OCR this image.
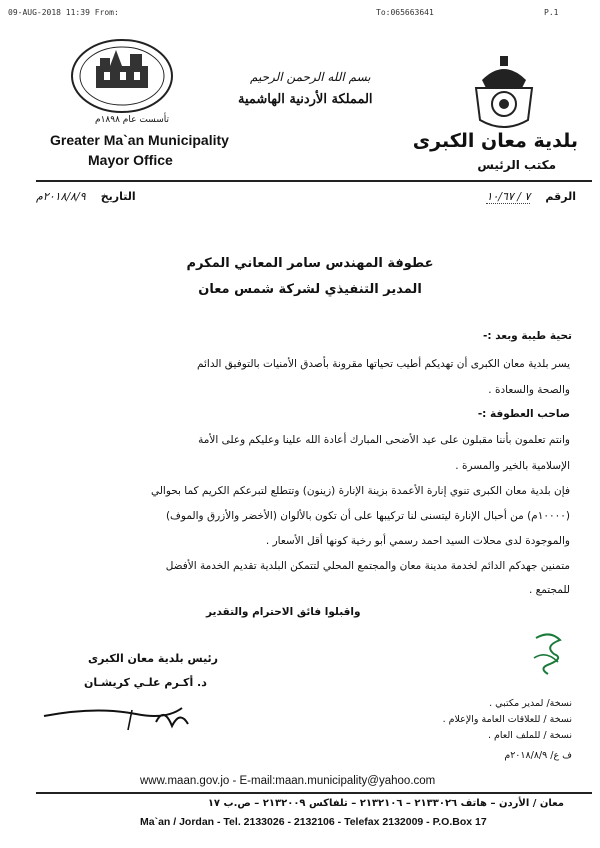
09-AUG-2018 11:39 From:	To:065663641	P.1
تأسست عام ١٨٩٨م
Greater Ma`an Municipality
Mayor Office
بسم الله الرحمن الرحيم
المملكة الأردنية الهاشمية
بلدية معان الكبرى
مكتب الرئيس
التاريخ  ٢٠١٨/٨/٩م	الرقم  ٧ / ١٠/٦٧
عطوفة المهندس سامر المعاني المكرم
المدير التنفيذي لشركة شمس معان
تحية طيبة وبعد :-
يسر بلدية معان الكبرى أن تهديكم أطيب تحياتها مقرونة بأصدق الأمنيات بالتوفيق الدائم
والصحة والسعادة .
صاحب العطوفة :-
وانتم تعلمون بأننا مقبلون على عيد الأضحى المبارك أعادة الله علينا وعليكم وعلى الأمة
الإسلامية بالخير والمسرة .
فإن بلدية معان الكبرى تنوي إنارة الأعمدة بزينة الإنارة (زينون) وتتطلع لتبرعكم الكريم كما بحوالي
(١٠٠٠٠م) من أحبال الإنارة ليتسنى لنا تركيبها على أن تكون بالألوان (الأخضر والأزرق والموف)
والموجودة لدى محلات السيد احمد رسمي أبو رخية كونها أقل الأسعار .
متمنين جهدكم الدائم لخدمة مدينة معان والمجتمع المحلي لتتمكن البلدية تقديم الخدمة الأفضل
للمجتمع .
واقبلوا فائق الاحترام والتقدير
رئيس بلدية معان الكبرى
د. أكـرم علـي كريشـان
نسخة/ لمدير مكتبي .
نسخة / للعلاقات العامة والإعلام .
نسخة / للملف العام .
ف ع/ ٢٠١٨/٨/٩م
www.maan.gov.jo - E-mail:maan.municipality@yahoo.com
معان / الأردن – هاتف ٢١٣٣٠٢٦ – ٢١٣٢١٠٦ – تلفاكس ٢١٣٢٠٠٩ – ص.ب ١٧
Ma`an / Jordan - Tel. 2133026 - 2132106 - Telefax 2132009 - P.O.Box 17
